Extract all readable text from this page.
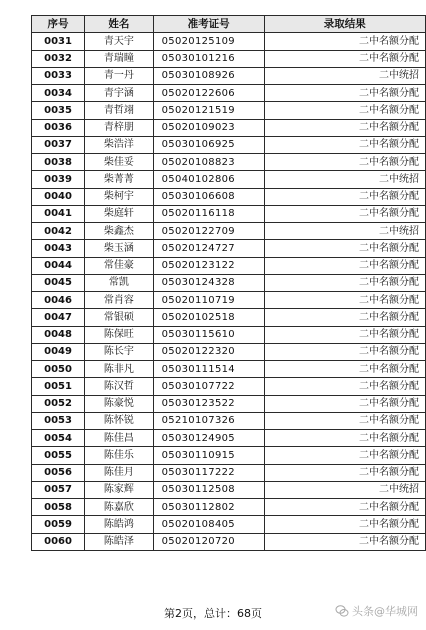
序号	姓名	准考证号	录取结果
0031	青天宇	05020125109	二中名额分配
0032	青瑞瞳	05030101216	二中名额分配
0033	青一丹	05030108926	二中统招
0034	青宇涵	05020122606	二中名额分配
0035	青哲翊	05020121519	二中名额分配
0036	青梓朋	05020109023	二中名额分配
0037	柴浩洋	05030106925	二中名额分配
0038	柴佳妥	05020108823	二中名额分配
0039	柴菁菁	05040102806	二中统招
0040	柴柯宇	05030106608	二中名额分配
0041	柴庭轩	05020116118	二中名额分配
0042	柴鑫杰	05020122709	二中统招
0043	柴玉涵	05020124727	二中名额分配
0044	常佳豪	05020123122	二中名额分配
0045	常凯	05030124328	二中名额分配
0046	常肖容	05020110719	二中名额分配
0047	常银硕	05020102518	二中名额分配
0048	陈保旺	05030115610	二中名额分配
0049	陈长宇	05020122320	二中名额分配
0050	陈非凡	05030111514	二中名额分配
0051	陈汉哲	05030107722	二中名额分配
0052	陈豪悦	05030123522	二中名额分配
0053	陈怀锐	05210107326	二中名额分配
0054	陈佳昌	05030124905	二中名额分配
0055	陈佳乐	05030110915	二中名额分配
0056	陈佳月	05030117222	二中名额分配
0057	陈家辉	05030112508	二中统招
0058	陈嘉欣	05030112802	二中名额分配
0059	陈皓鸿	05020108405	二中名额分配
0060	陈皓泽	05020120720	二中名额分配
第2页，总计：68页	头条@华城网
